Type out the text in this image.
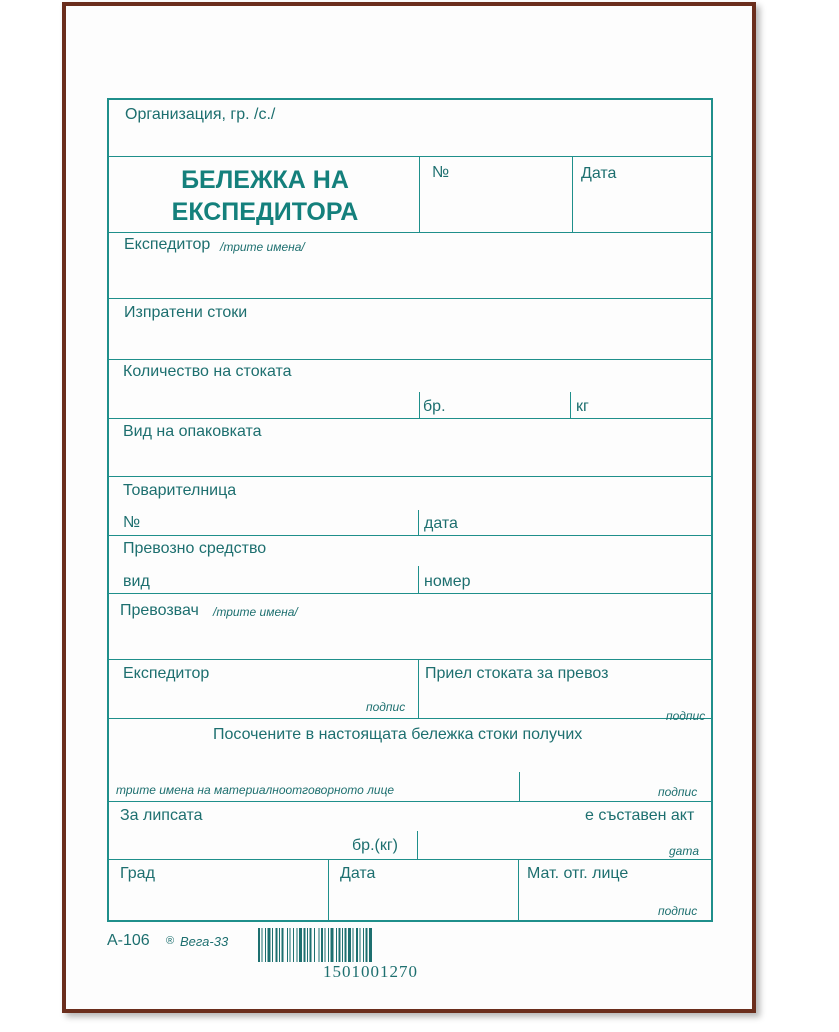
Организация, гр. /с./
БЕЛЕЖКА НА
ЕКСПЕДИТОРА
№	Дата
Експедитор /трите имена/
Изпратени стоки
Количество на стоката
бр.	кг
Вид на опаковката
Товарителница
№	дата
Превозно средство
вид	номер
Превозвач /трите имена/
Експедитор
подпис
Приел стоката за превоз
подпис
Посочените в настоящата бележка стоки получих
трите имена на материалноотговорното лице	подпис
За липсата	е съставен акт
бр.(кг)	gama
Град	Дата	Мат. отг. лице
подпис
А-106 ® Вега-33
1501001270
